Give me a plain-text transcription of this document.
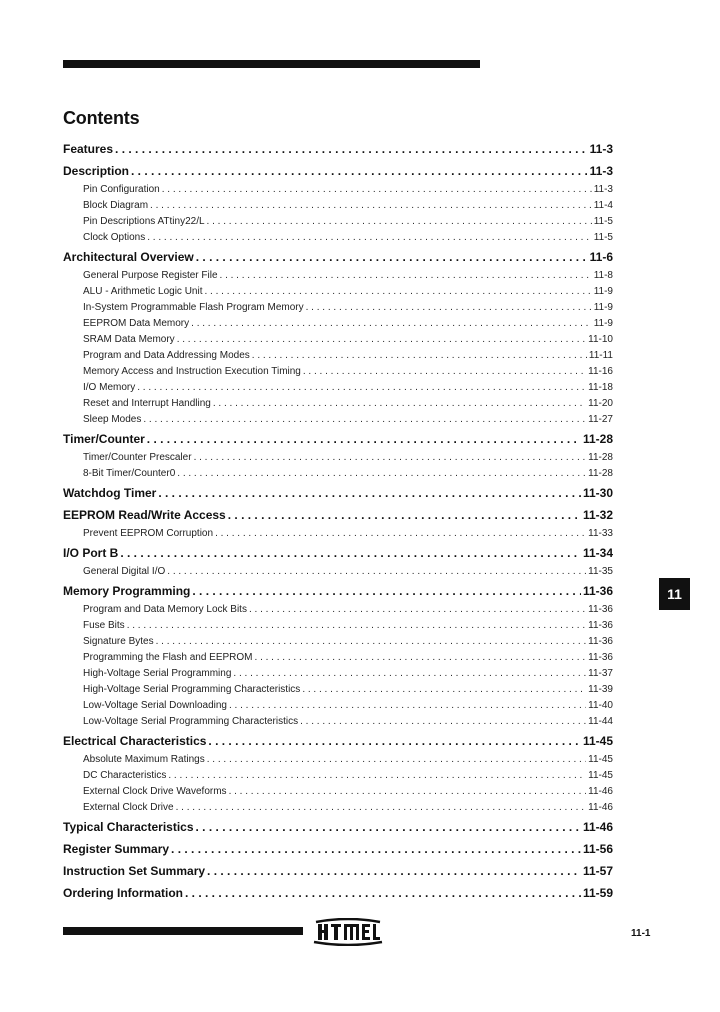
Contents
Features . . .	11-3
Description . . .	11-3
Pin Configuration . . .	11-3
Block Diagram . . .	11-4
Pin Descriptions ATtiny22/L . . .	11-5
Clock Options . . .	11-5
Architectural Overview . . .	11-6
General Purpose Register File . . .	11-8
ALU - Arithmetic Logic Unit . . .	11-9
In-System Programmable Flash Program Memory . . .	11-9
EEPROM Data Memory . . .	11-9
SRAM Data Memory . . .	11-10
Program and Data Addressing Modes . . .	11-11
Memory Access and Instruction Execution Timing . . .	11-16
I/O Memory . . .	11-18
Reset and Interrupt Handling . . .	11-20
Sleep Modes . . .	11-27
Timer/Counter . . .	11-28
Timer/Counter Prescaler . . .	11-28
8-Bit Timer/Counter0 . . .	11-28
Watchdog Timer . . .	11-30
EEPROM Read/Write Access . . .	11-32
Prevent EEPROM Corruption . . .	11-33
I/O Port B . . .	11-34
General Digital I/O . . .	11-35
Memory Programming . . .	11-36
Program and Data Memory Lock Bits . . .	11-36
Fuse Bits . . .	11-36
Signature Bytes . . .	11-36
Programming the Flash and EEPROM . . .	11-36
High-Voltage Serial Programming . . .	11-37
High-Voltage Serial Programming Characteristics . . .	11-39
Low-Voltage Serial Downloading . . .	11-40
Low-Voltage Serial Programming Characteristics . . .	11-44
Electrical Characteristics . . .	11-45
Absolute Maximum Ratings . . .	11-45
DC Characteristics . . .	11-45
External Clock Drive Waveforms . . .	11-46
External Clock Drive . . .	11-46
Typical Characteristics . . .	11-46
Register Summary . . .	11-56
Instruction Set Summary . . .	11-57
Ordering Information . . .	11-59
11
11-1
